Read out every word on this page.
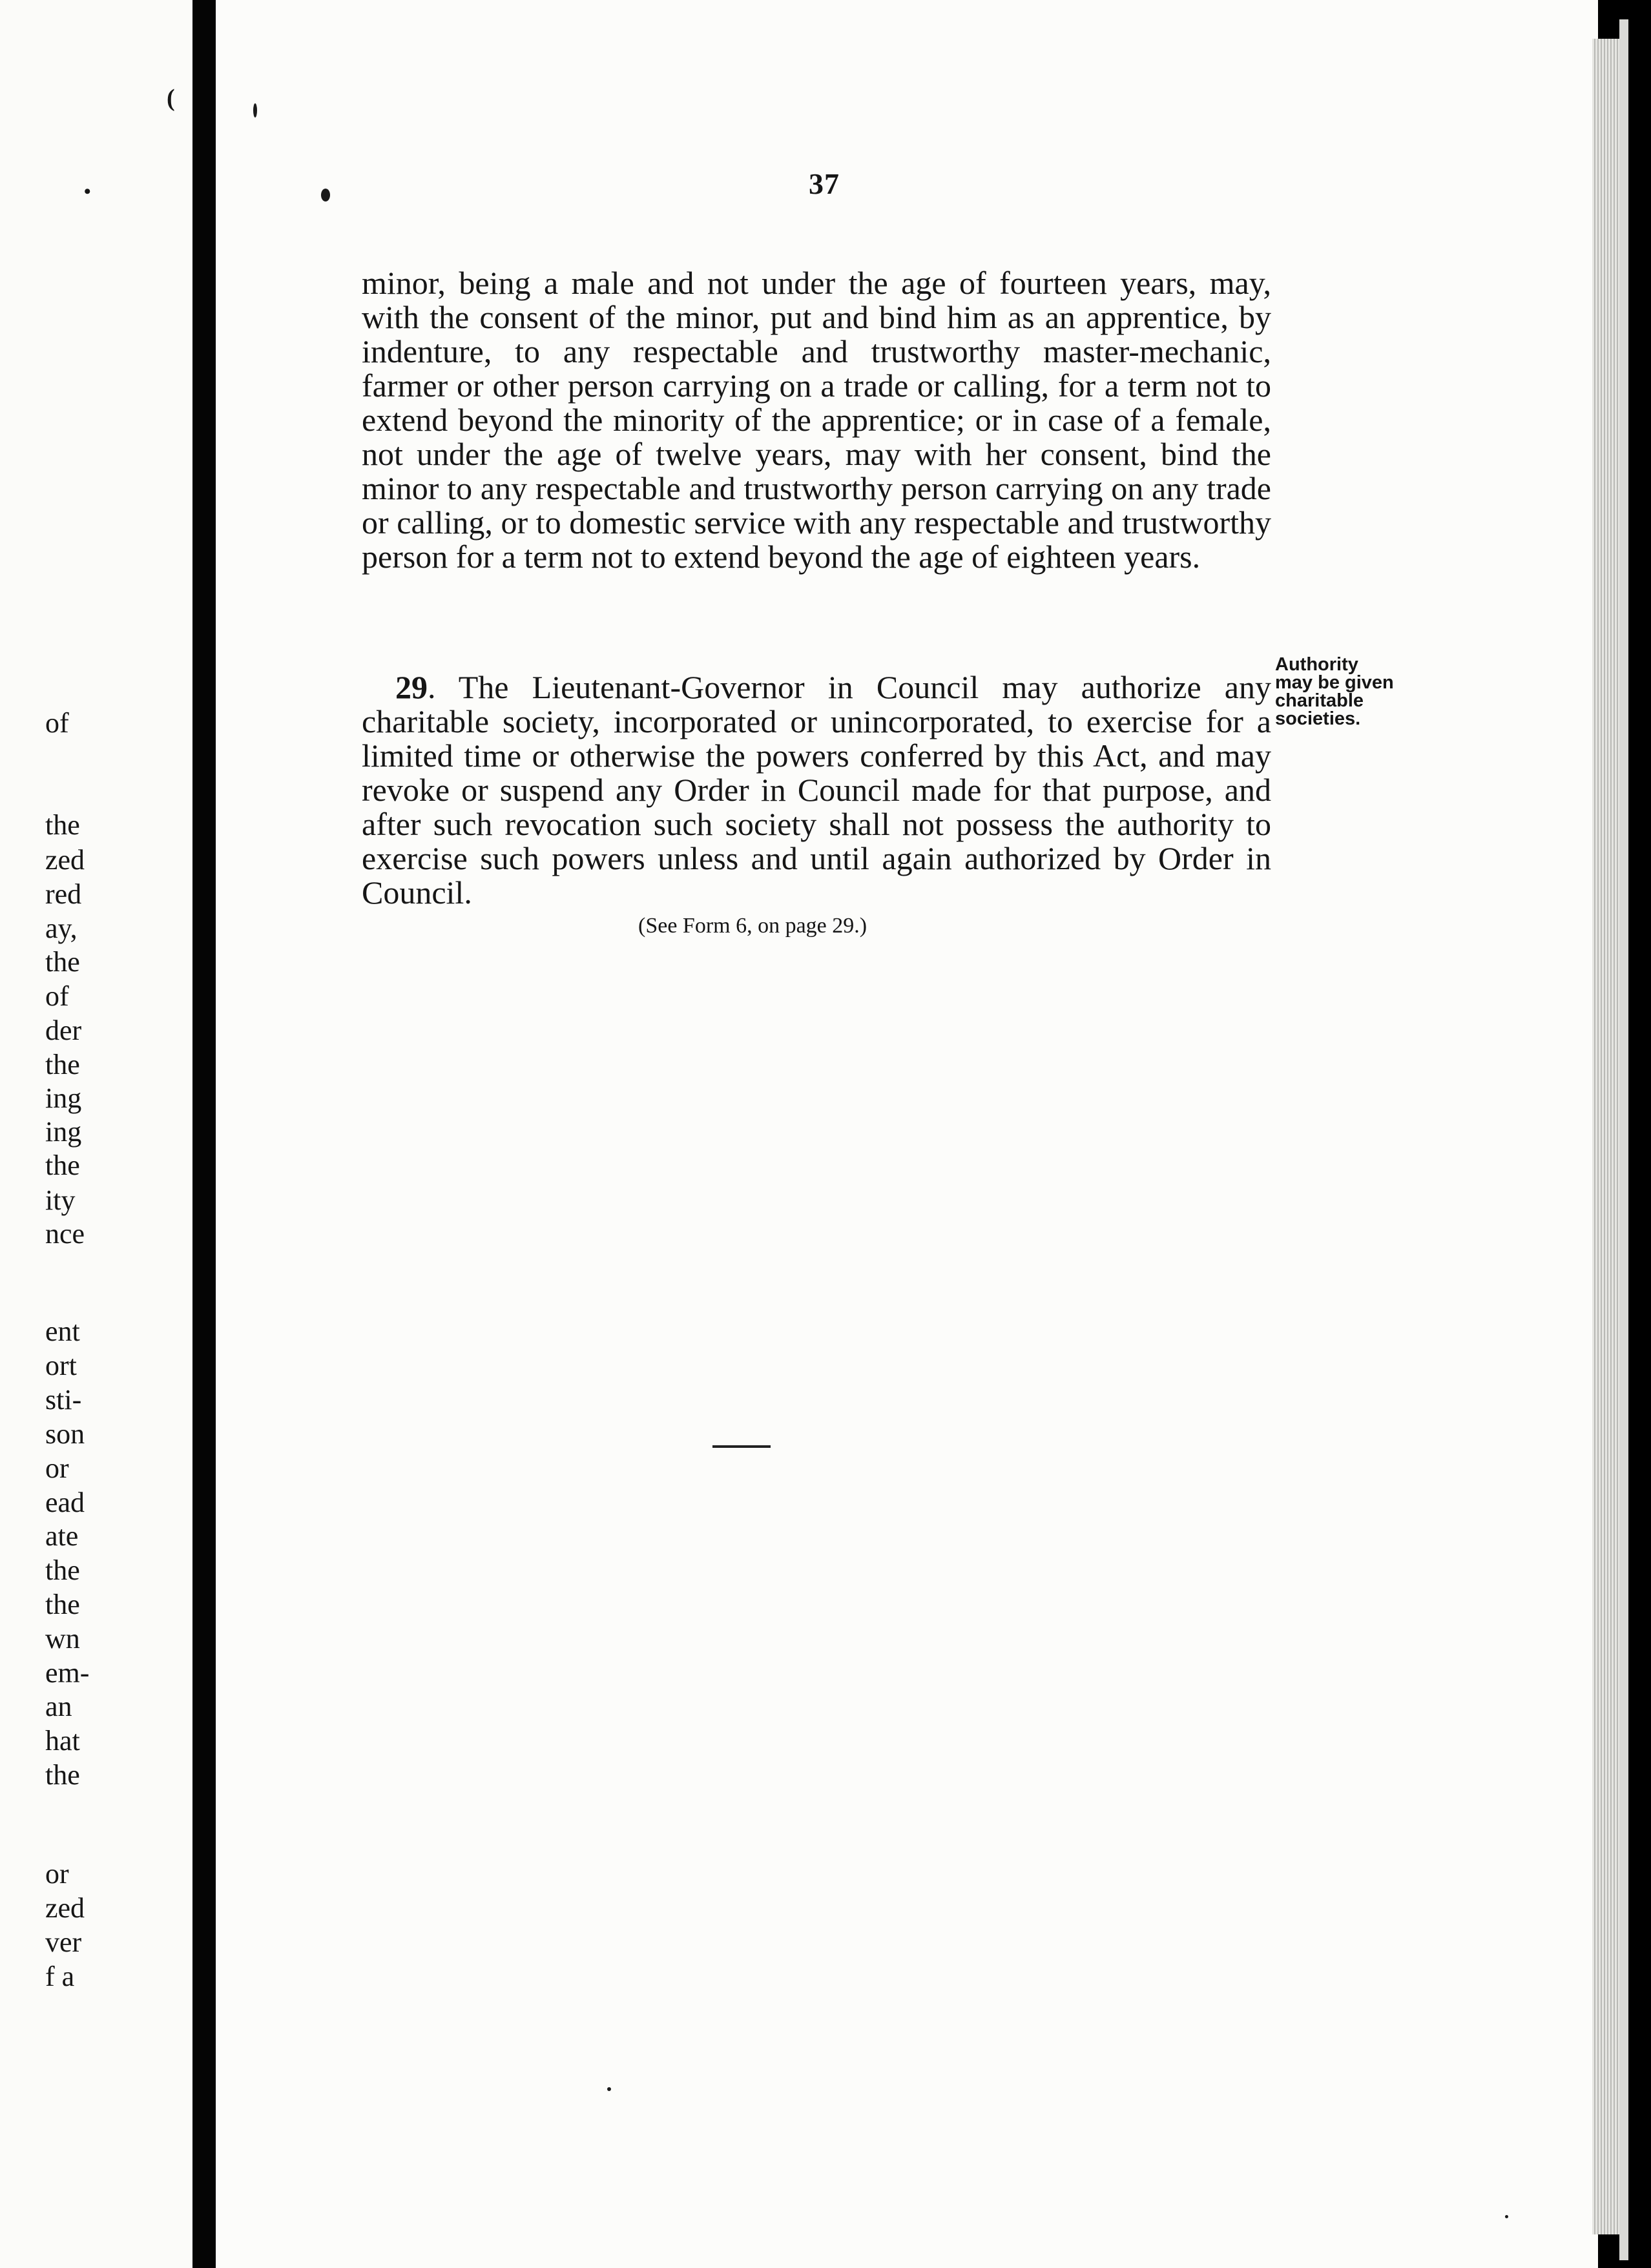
(
•
of
the
zed
red
ay,
the
of
der
the
ing
ing
the
ity
nce
ent
ort
sti-
son
or
ead
ate
the
the
wn
em-
an
hat
the
or
zed
ver
f a
37

minor, being a male and not under the age of fourteen years, may, with the consent of the minor, put and bind him as an apprentice, by indenture, to any respectable and trustworthy master-mechanic, farmer or other person carrying on a trade or calling, for a term not to extend beyond the minority of the apprentice; or in case of a female, not under the age of twelve years, may with her consent, bind the minor to any respectable and trustworthy person carrying on any trade or calling, or to domestic service with any respectable and trustworthy person for a term not to extend beyond the age of eighteen years.

29. The Lieutenant-Governor in Council may authorize any charitable society, incorporated or unincorporated, to exercise for a limited time or otherwise the powers conferred by this Act, and may revoke or suspend any Order in Council made for that purpose, and after such revocation such society shall not possess the authority to exercise such powers unless and until again authorized by Order in Council.

Authority
may be given
charitable
societies.
(See Form 6, on page 29.)
